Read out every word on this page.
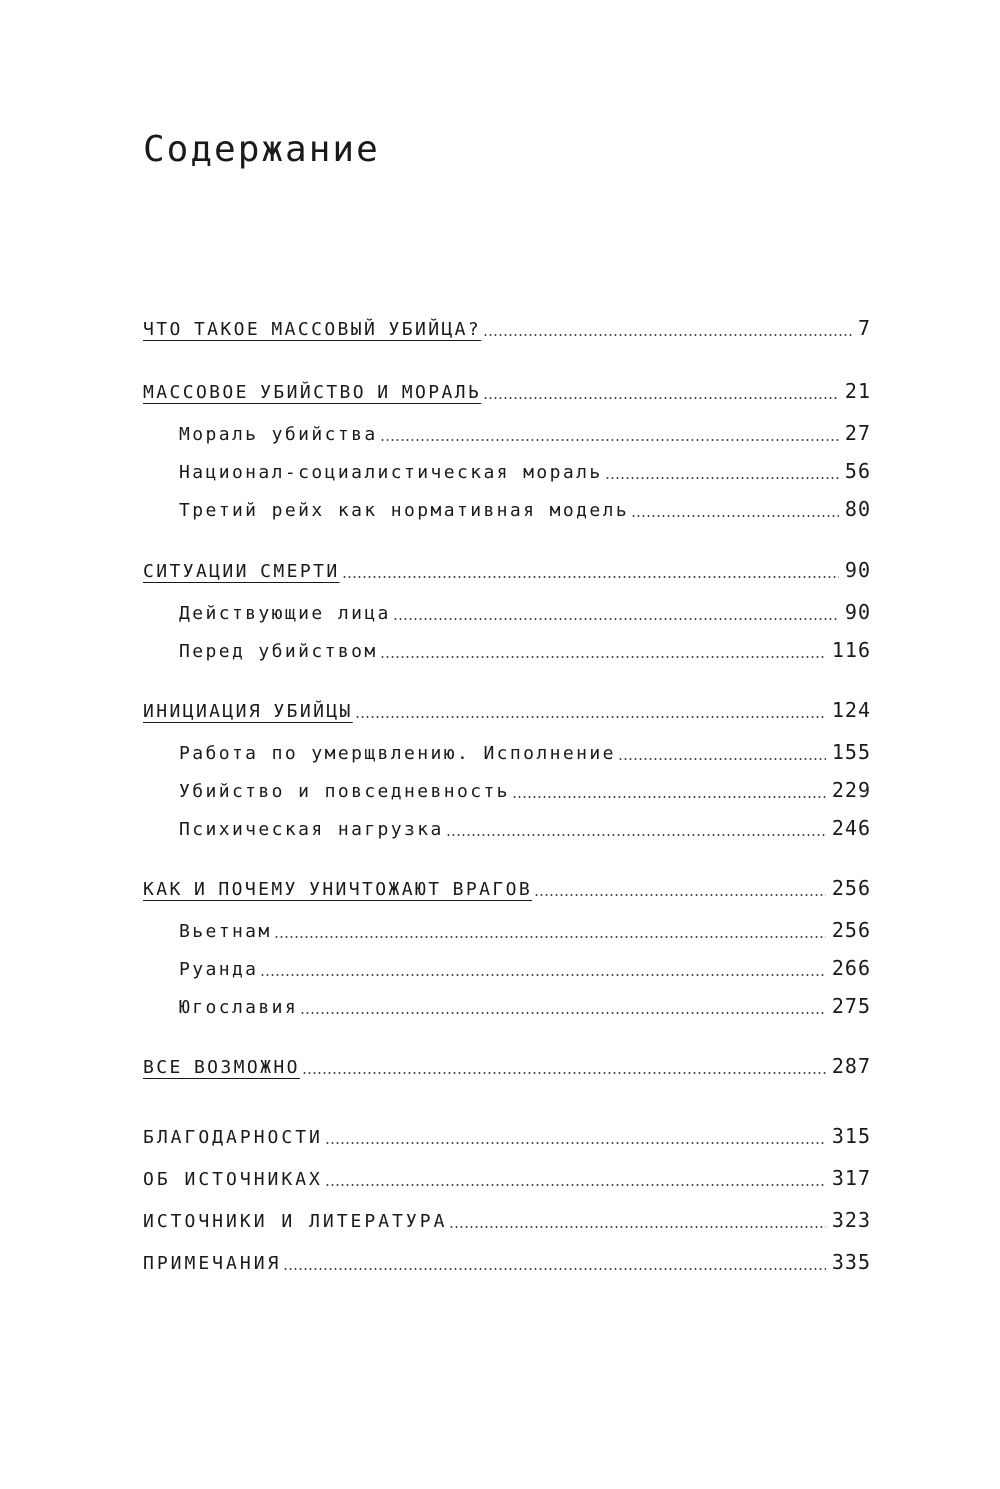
Содержание
ЧТО ТАКОЕ МАССОВЫЙ УБИЙЦА?	7
МАССОВОЕ УБИЙСТВО И МОРАЛЬ	21
Мораль убийства	27
Национал-социалистическая мораль	56
Третий рейх как нормативная модель	80
СИТУАЦИИ СМЕРТИ	90
Действующие лица	90
Перед убийством	116
ИНИЦИАЦИЯ УБИЙЦЫ	124
Работа по умерщвлению. Исполнение	155
Убийство и повседневность	229
Психическая нагрузка	246
КАК И ПОЧЕМУ УНИЧТОЖАЮТ ВРАГОВ	256
Вьетнам	256
Руанда	266
Югославия	275
ВСЕ ВОЗМОЖНО	287
БЛАГОДАРНОСТИ	315
ОБ ИСТОЧНИКАХ	317
ИСТОЧНИКИ И ЛИТЕРАТУРА	323
ПРИМЕЧАНИЯ	335
